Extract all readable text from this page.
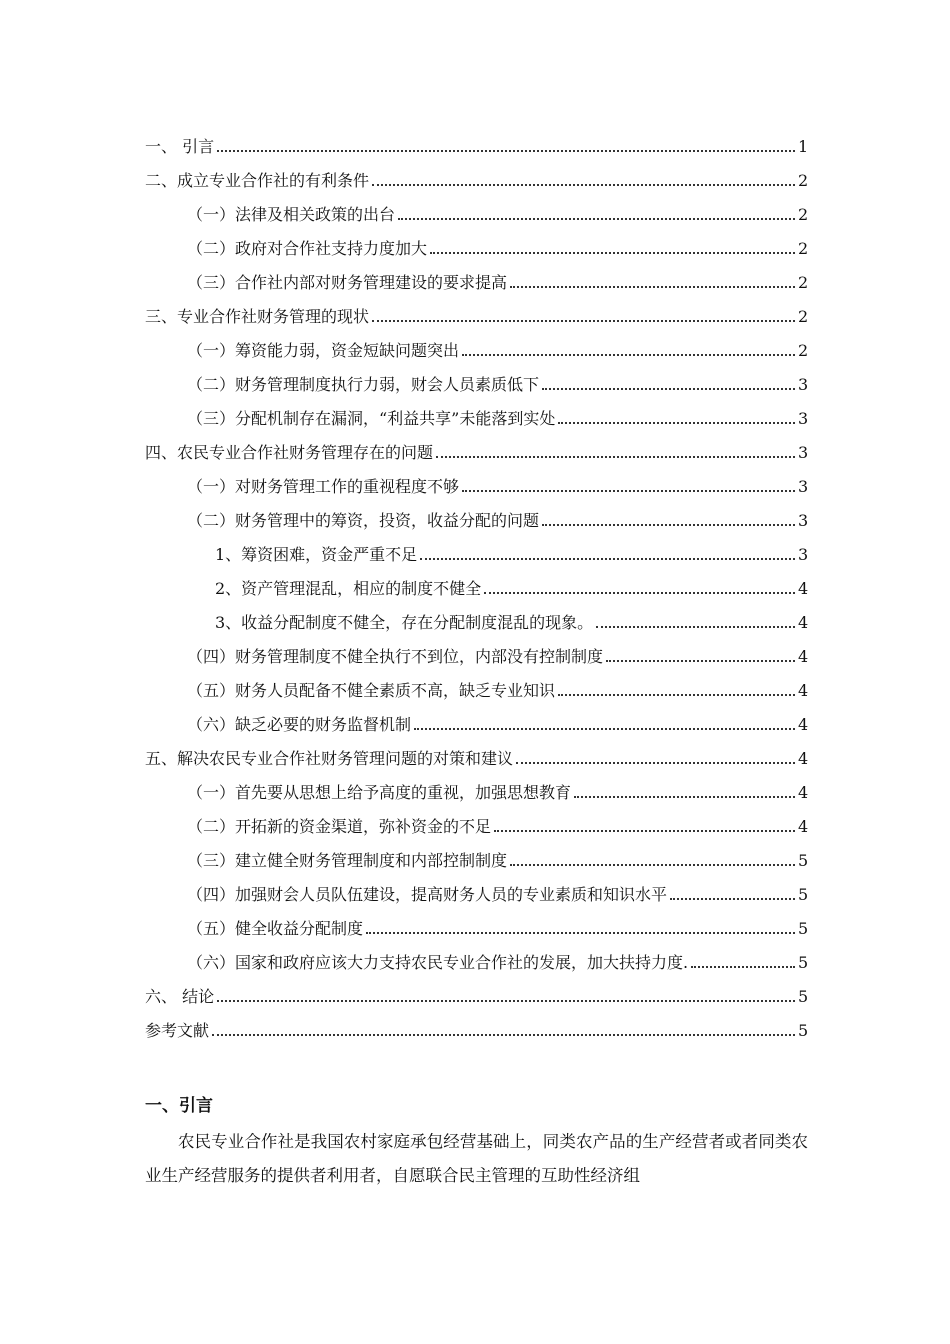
一、 引言	1
二、成立专业合作社的有利条件	2
（一）法律及相关政策的出台	2
（二）政府对合作社支持力度加大	2
（三）合作社内部对财务管理建设的要求提高	2
三、专业合作社财务管理的现状	2
（一）筹资能力弱，资金短缺问题突出	2
（二）财务管理制度执行力弱，财会人员素质低下	3
（三）分配机制存在漏洞，“利益共享”未能落到实处	3
四、农民专业合作社财务管理存在的问题	3
（一）对财务管理工作的重视程度不够	3
（二）财务管理中的筹资，投资，收益分配的问题	3
1、筹资困难，资金严重不足	3
2、资产管理混乱，相应的制度不健全	4
3、收益分配制度不健全，存在分配制度混乱的现象。	4
（四）财务管理制度不健全执行不到位，内部没有控制制度	4
（五）财务人员配备不健全素质不高，缺乏专业知识	4
（六）缺乏必要的财务监督机制	4
五、解决农民专业合作社财务管理问题的对策和建议	4
（一）首先要从思想上给予高度的重视，加强思想教育	4
（二）开拓新的资金渠道，弥补资金的不足	4
（三）建立健全财务管理制度和内部控制制度	5
（四）加强财会人员队伍建设，提高财务人员的专业素质和知识水平	5
（五）健全收益分配制度	5
（六）国家和政府应该大力支持农民专业合作社的发展，加大扶持力度.	5
六、 结论	5
参考文献	5
一、引言

农民专业合作社是我国农村家庭承包经营基础上，同类农产品的生产经营者或者同类农业生产经营服务的提供者利用者，自愿联合民主管理的互助性经济组
